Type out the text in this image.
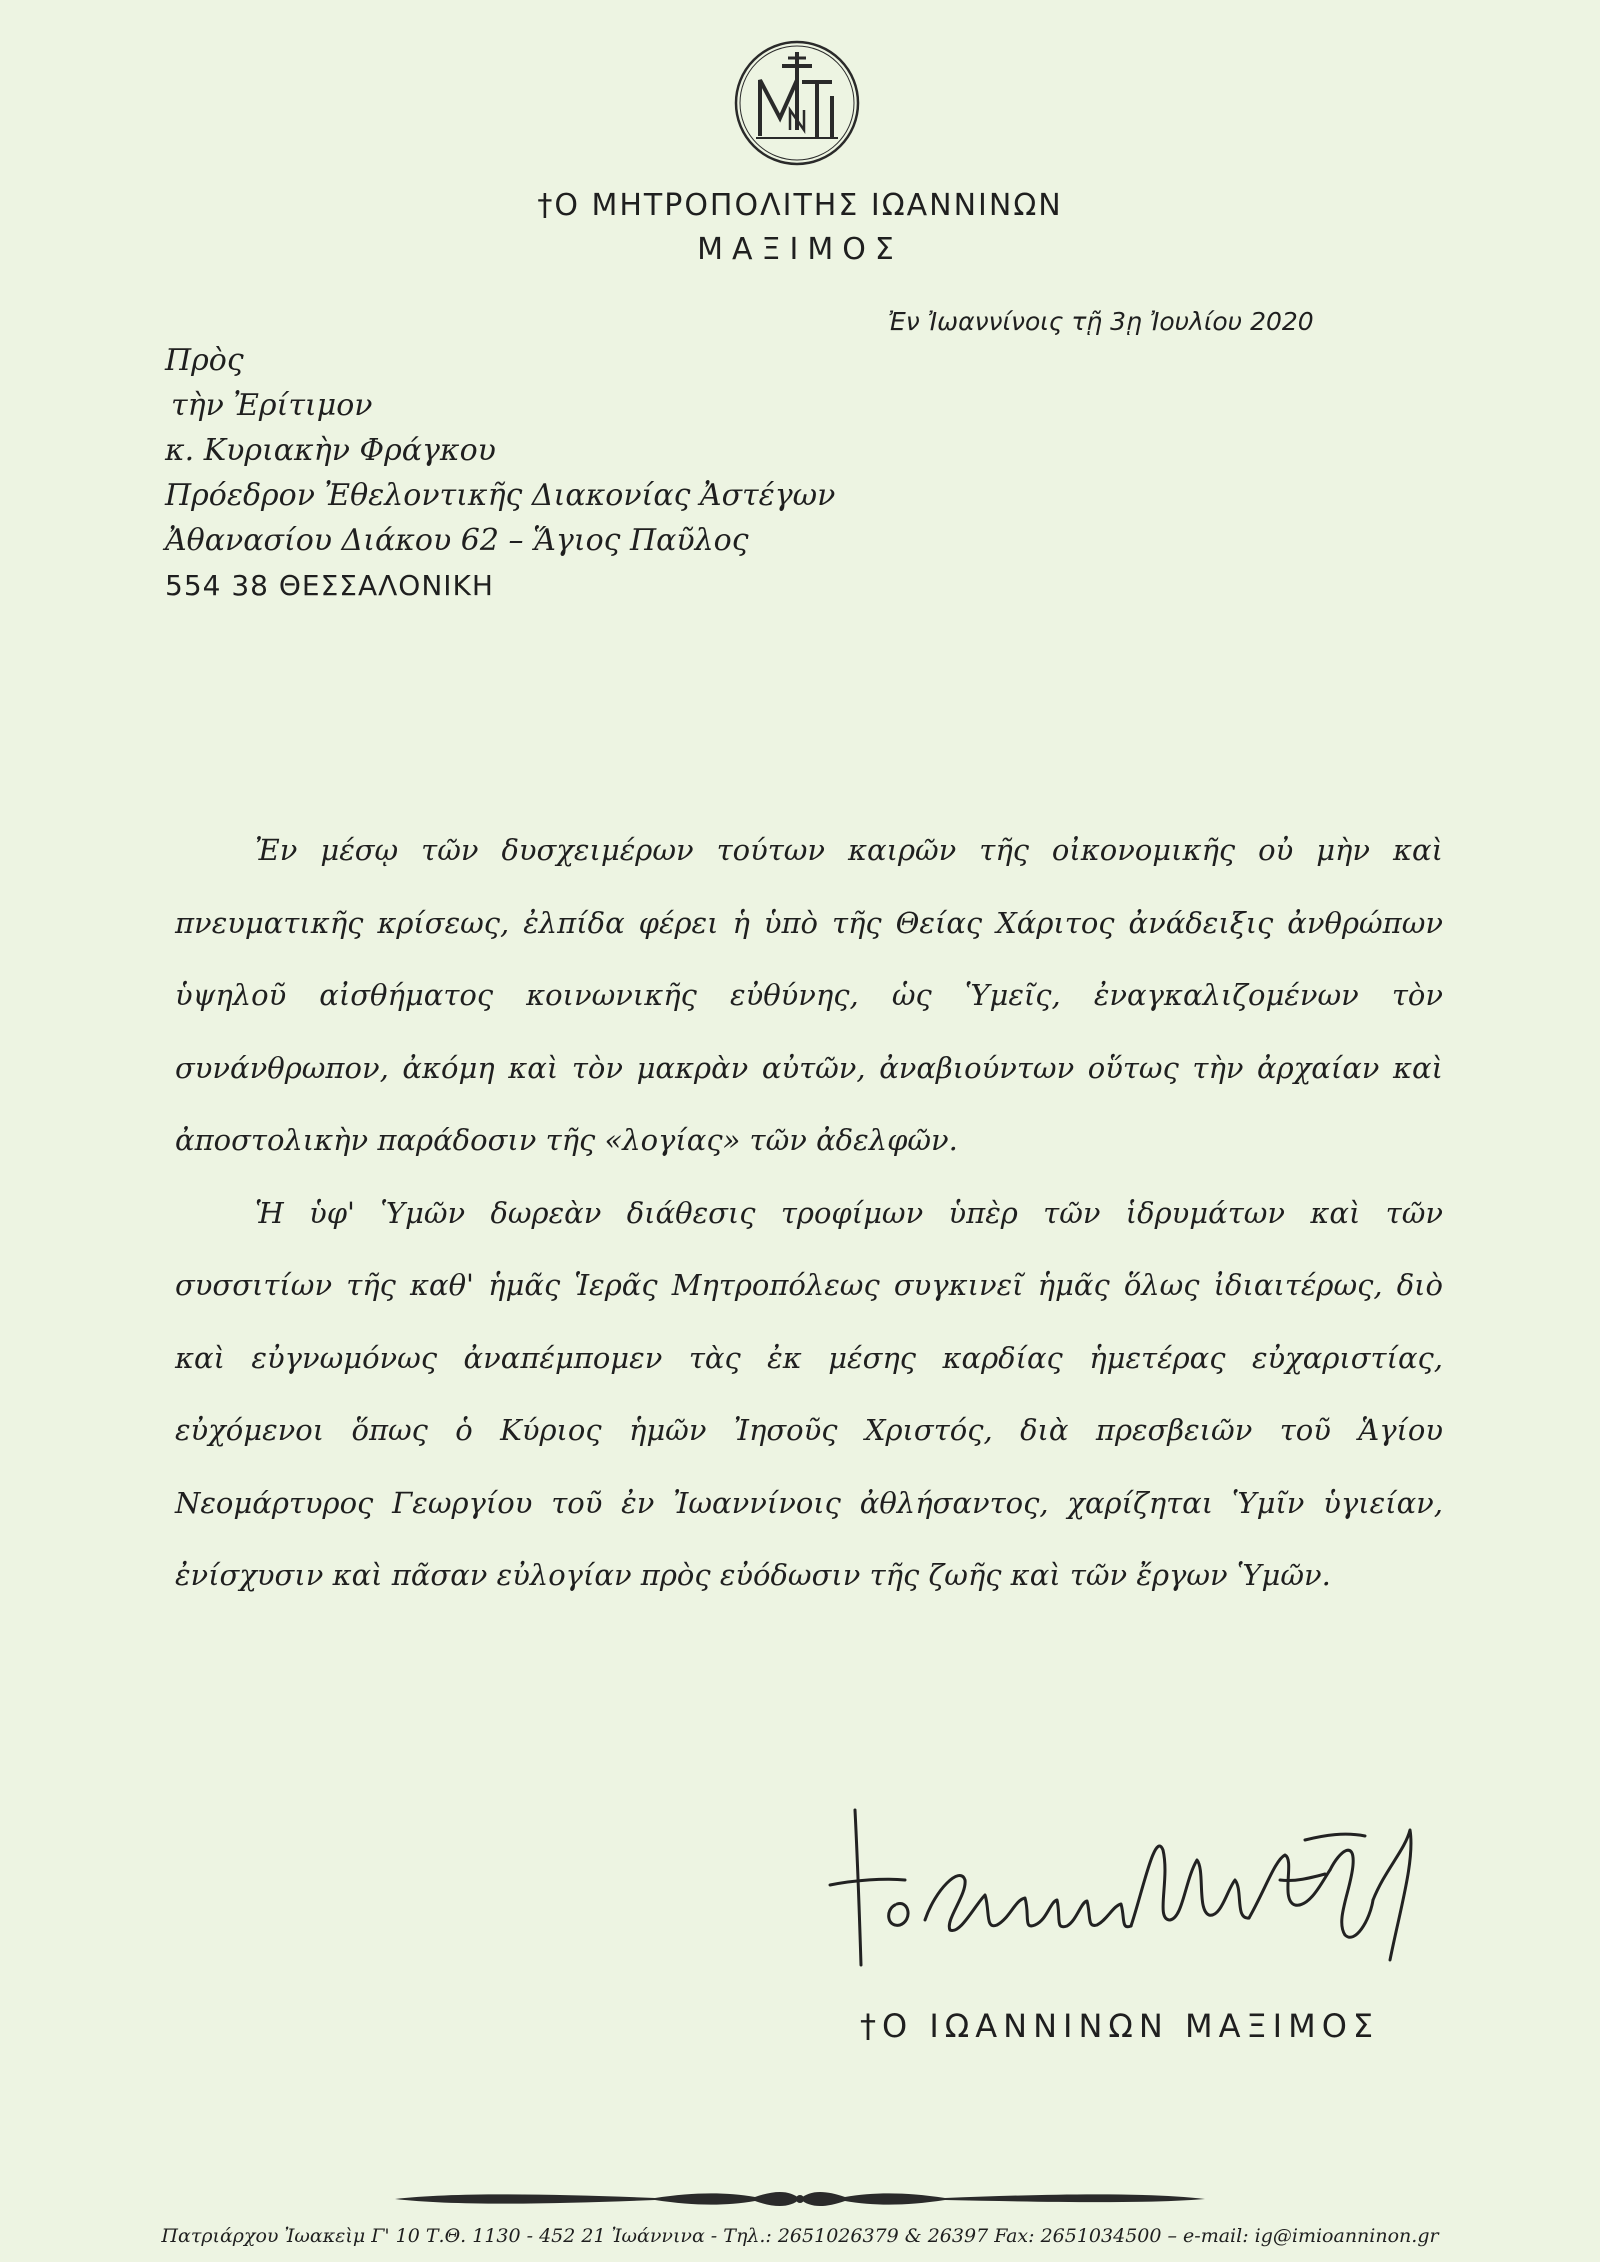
†Ο ΜΗΤΡΟΠΟΛΙΤΗΣ ΙΩΑΝΝΙΝΩΝ
ΜΑΞΙΜΟΣ
Ἐν Ἰωαννίνοις τῇ 3ῃ Ἰουλίου 2020
Πρὸς
τὴν Ἐρίτιμον
κ. Κυριακὴν Φράγκου
Πρόεδρον Ἐθελοντικῆς Διακονίας Ἀστέγων
Ἀθανασίου Διάκου 62 – Ἅγιος Παῦλος
554 38 ΘΕΣΣΑΛΟΝΙΚΗ

Ἐν μέσῳ τῶν δυσχειμέρων τούτων καιρῶν τῆς οἰκονομικῆς οὐ μὴν καὶ πνευματικῆς κρίσεως, ἐλπίδα φέρει ἡ ὑπὸ τῆς Θείας Χάριτος ἀνάδειξις ἀνθρώπων ὑψηλοῦ αἰσθήματος κοινωνικῆς εὐθύνης, ὡς Ὑμεῖς, ἐναγκαλιζομένων τὸν συνάνθρωπον, ἀκόμη καὶ τὸν μακρὰν αὐτῶν, ἀναβιούντων οὕτως τὴν ἀρχαίαν καὶ ἀποστολικὴν παράδοσιν τῆς «λογίας» τῶν ἀδελφῶν.

Ἡ ὑφ' Ὑμῶν δωρεὰν διάθεσις τροφίμων ὑπὲρ τῶν ἱδρυμάτων καὶ τῶν συσσιτίων τῆς καθ' ἡμᾶς Ἱερᾶς Μητροπόλεως συγκινεῖ ἡμᾶς ὅλως ἰδιαιτέρως, διὸ καὶ εὐγνωμόνως ἀναπέμπομεν τὰς ἐκ μέσης καρδίας ἡμετέρας εὐχαριστίας, εὐχόμενοι ὅπως ὁ Κύριος ἡμῶν Ἰησοῦς Χριστός, διὰ πρεσβειῶν τοῦ Ἁγίου Νεομάρτυρος Γεωργίου τοῦ ἐν Ἰωαννίνοις ἀθλήσαντος, χαρίζηται Ὑμῖν ὑγιείαν, ἐνίσχυσιν καὶ πᾶσαν εὐλογίαν πρὸς εὐόδωσιν τῆς ζωῆς καὶ τῶν ἔργων Ὑμῶν.

†Ο ΙΩΑΝΝΙΝΩΝ ΜΑΞΙΜΟΣ
Πατριάρχου Ἰωακεὶμ Γ' 10 Τ.Θ. 1130 - 452 21 Ἰωάννινα - Τηλ.: 2651026379 & 26397 Fax: 2651034500 – e-mail: ig@imioanninon.gr
